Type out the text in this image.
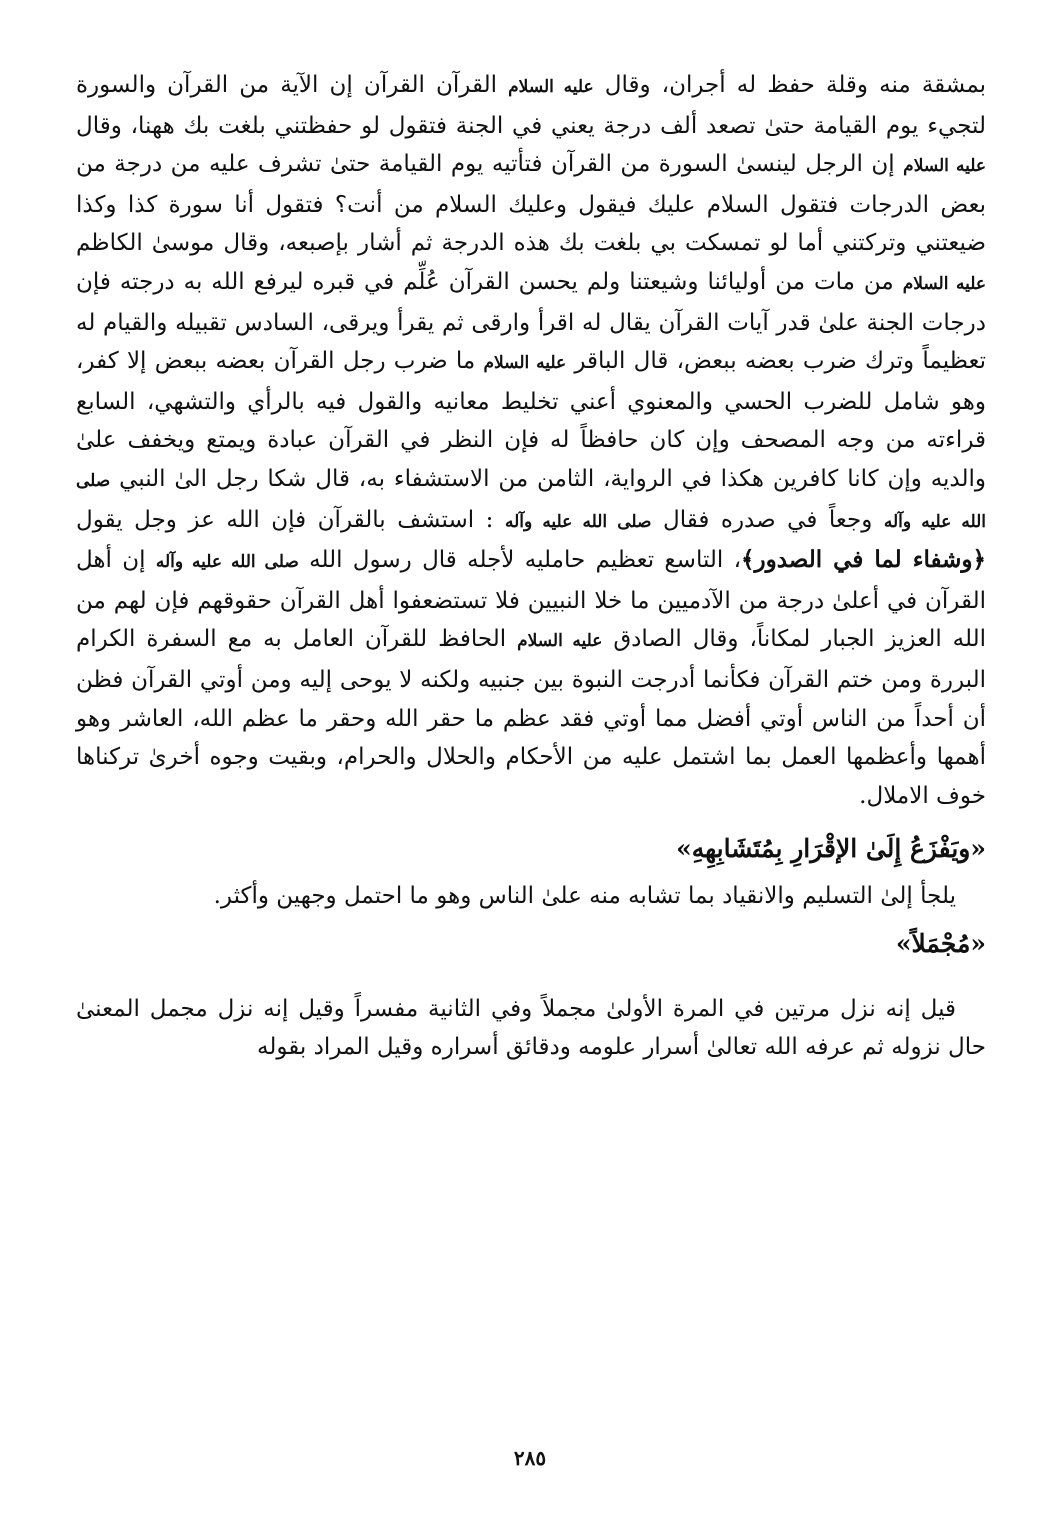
بمشقة منه وقلة حفظ له أجران، وقال عليه السلام القرآن القرآن إن الآية من القرآن والسورة لتجيء يوم القيامة حتىٰ تصعد ألف درجة يعني في الجنة فتقول لو حفظتني بلغت بك ههنا، وقال عليه السلام إن الرجل لينسىٰ السورة من القرآن فتأتيه يوم القيامة حتىٰ تشرف عليه من درجة من بعض الدرجات فتقول السلام عليك فيقول وعليك السلام من أنت؟ فتقول أنا سورة كذا وكذا ضيعتني وتركتني أما لو تمسكت بي بلغت بك هذه الدرجة ثم أشار بإصبعه، وقال موسىٰ الكاظم عليه السلام من مات من أوليائنا وشيعتنا ولم يحسن القرآن عُلِّم في قبره ليرفع الله به درجته فإن درجات الجنة علىٰ قدر آيات القرآن يقال له اقرأ وارقى ثم يقرأ ويرقى، السادس تقبيله والقيام له تعظيماً وترك ضرب بعضه ببعض، قال الباقر عليه السلام ما ضرب رجل القرآن بعضه ببعض إلا كفر، وهو شامل للضرب الحسي والمعنوي أعني تخليط معانيه والقول فيه بالرأي والتشهي، السابع قراءته من وجه المصحف وإن كان حافظاً له فإن النظر في القرآن عبادة ويمتع ويخفف علىٰ والديه وإن كانا كافرين هكذا في الرواية، الثامن من الاستشفاء به، قال شكا رجل الىٰ النبي صلى الله عليه وآله وجعاً في صدره فقال صلى الله عليه وآله : استشف بالقرآن فإن الله عز وجل يقول ﴿وشفاء لما في الصدور﴾، التاسع تعظيم حامليه لأجله قال رسول الله صلى الله عليه وآله إن أهل القرآن في أعلىٰ درجة من الآدميين ما خلا النبيين فلا تستضعفوا أهل القرآن حقوقهم فإن لهم من الله العزيز الجبار لمكاناً، وقال الصادق عليه السلام الحافظ للقرآن العامل به مع السفرة الكرام البررة ومن ختم القرآن فكأنما أدرجت النبوة بين جنبيه ولكنه لا يوحى إليه ومن أوتي القرآن فظن أن أحداً من الناس أوتي أفضل مما أوتي فقد عظم ما حقر الله وحقر ما عظم الله، العاشر وهو أهمها وأعظمها العمل بما اشتمل عليه من الأحكام والحلال والحرام، وبقيت وجوه أخرىٰ تركناها خوف الاملال.

«ويَفْزَعُ إِلَىٰ الإقْرَارِ بِمُتَشَابِهِهِ»

يلجأ إلىٰ التسليم والانقياد بما تشابه منه علىٰ الناس وهو ما احتمل وجهين وأكثر.

«مُجْمَلاً»

قيل إنه نزل مرتين في المرة الأولىٰ مجملاً وفي الثانية مفسراً وقيل إنه نزل مجمل المعنىٰ حال نزوله ثم عرفه الله تعالىٰ أسرار علومه ودقائق أسراره وقيل المراد بقوله

٢٨٥
